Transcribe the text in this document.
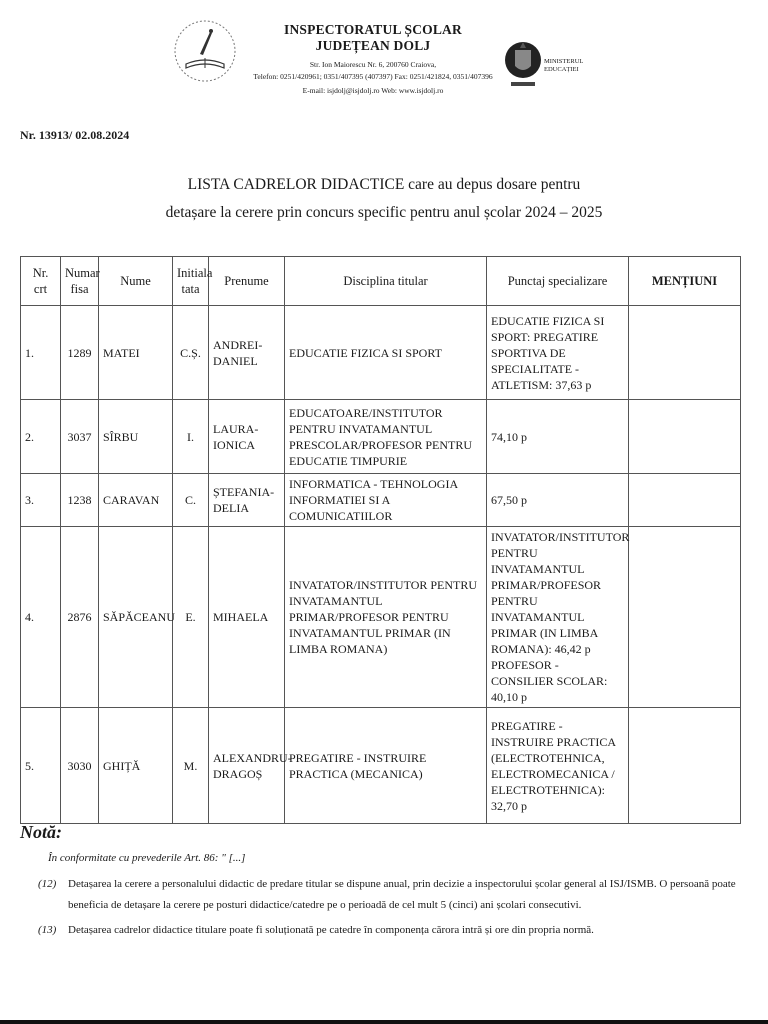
INSPECTORATUL ȘCOLAR JUDEȚEAN DOLJ
Str. Ion Maiorescu Nr. 6, 200760 Craiova,
Telefon: 0251/420961; 0351/407395 (407397) Fax: 0251/421824, 0351/407396
E-mail: isjdolj@isjdolj.ro Web: www.isjdolj.ro
MINISTERUL EDUCAȚIEI
Nr. 13913/ 02.08.2024
LISTA CADRELOR DIDACTICE care au depus dosare pentru
detașare la cerere prin concurs specific pentru anul școlar 2024 – 2025
Nr. crt	Numar fisa	Nume	Initiala tata	Prenume	Disciplina titular	Punctaj specializare	MENȚIUNI
1.	1289	MATEI	C.Ș.	ANDREI-DANIEL	EDUCATIE FIZICA SI SPORT	EDUCATIE FIZICA SI SPORT: PREGATIRE SPORTIVA DE SPECIALITATE - ATLETISM: 37,63 p	
2.	3037	SÎRBU	I.	LAURA-IONICA	EDUCATOARE/INSTITUTOR PENTRU INVATAMANTUL PRESCOLAR/PROFESOR PENTRU EDUCATIE TIMPURIE	74,10 p	
3.	1238	CARAVAN	C.	ȘTEFANIA-DELIA	INFORMATICA - TEHNOLOGIA INFORMATIEI SI A COMUNICATIILOR	67,50 p	
4.	2876	SĂPĂCEANU	E.	MIHAELA	INVATATOR/INSTITUTOR PENTRU INVATAMANTUL PRIMAR/PROFESOR PENTRU INVATAMANTUL PRIMAR (IN LIMBA ROMANA)	INVATATOR/INSTITUTOR PENTRU INVATAMANTUL PRIMAR/PROFESOR PENTRU INVATAMANTUL PRIMAR (IN LIMBA ROMANA): 46,42 p PROFESOR - CONSILIER SCOLAR: 40,10 p	
5.	3030	GHIȚĂ	M.	ALEXANDRU-DRAGOȘ	PREGATIRE - INSTRUIRE PRACTICA (MECANICA)	PREGATIRE - INSTRUIRE PRACTICA (ELECTROTEHNICA, ELECTROMECANICA / ELECTROTEHNICA): 32,70 p	
Notă:
În conformitate cu prevederile Art. 86: " [...]
(12) Detașarea la cerere a personalului didactic de predare titular se dispune anual, prin decizie a inspectorului școlar general al ISJ/ISMB. O persoană poate beneficia de detașare la cerere pe posturi didactice/catedre pe o perioadă de cel mult 5 (cinci) ani școlari consecutivi.
(13) Detașarea cadrelor didactice titulare poate fi soluționată pe catedre în componența cărora intră și ore din propria normă.
